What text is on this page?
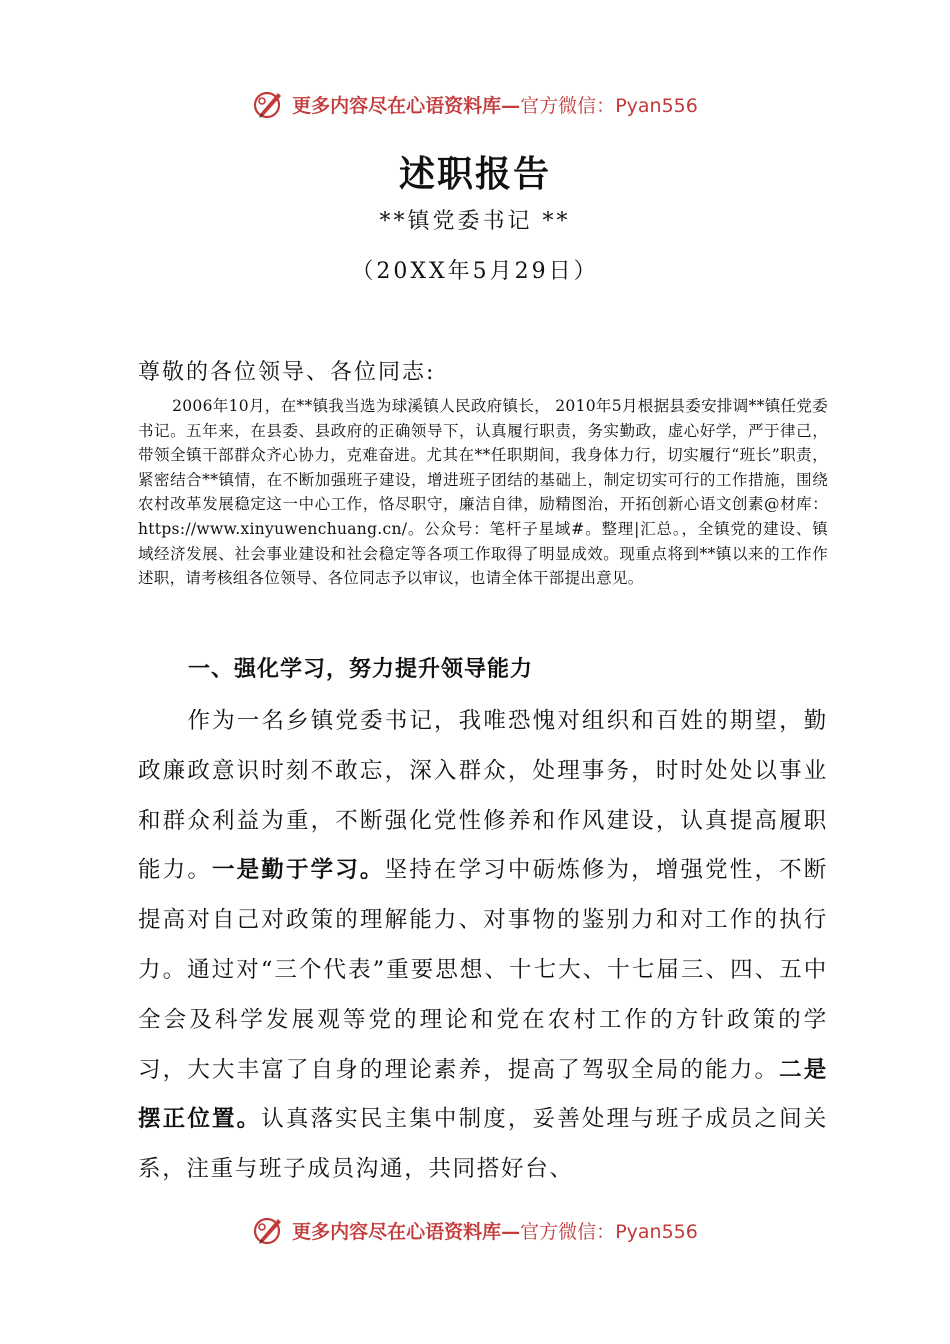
更多内容尽在心语资料库—官方微信：Pyan556
述职报告
**镇党委书记 **
（20XX年5月29日）
尊敬的各位领导、各位同志:
2006年10月，在**镇我当选为球溪镇人民政府镇长， 2010年5月根据县委安排调**镇任党委书记。五年来，在县委、县政府的正确领导下，认真履行职责，务实勤政，虚心好学，严于律己，带领全镇干部群众齐心协力，克难奋进。尤其在**任职期间，我身体力行，切实履行“班长”职责，紧密结合**镇情，在不断加强班子建设，增进班子团结的基础上，制定切实可行的工作措施，围绕农村改革发展稳定这一中心工作，恪尽职守，廉洁自律，励精图治，开拓创新心语文创素@材库：https://www.xinyuwenchuang.cn/。公众号：笔杆子星域#。整理|汇总。，全镇党的建设、镇域经济发展、社会事业建设和社会稳定等各项工作取得了明显成效。现重点将到**镇以来的工作作述职，请考核组各位领导、各位同志予以审议，也请全体干部提出意见。
一、强化学习，努力提升领导能力
作为一名乡镇党委书记，我唯恐愧对组织和百姓的期望，勤政廉政意识时刻不敢忘，深入群众，处理事务，时时处处以事业和群众利益为重，不断强化党性修养和作风建设，认真提高履职能力。一是勤于学习。坚持在学习中砺炼修为，增强党性，不断提高对自己对政策的理解能力、对事物的鉴别力和对工作的执行力。通过对“三个代表”重要思想、十七大、十七届三、四、五中全会及科学发展观等党的理论和党在农村工作的方针政策的学习，大大丰富了自身的理论素养，提高了驾驭全局的能力。二是摆正位置。认真落实民主集中制度，妥善处理与班子成员之间关系，注重与班子成员沟通，共同搭好台、
更多内容尽在心语资料库—官方微信：Pyan556
